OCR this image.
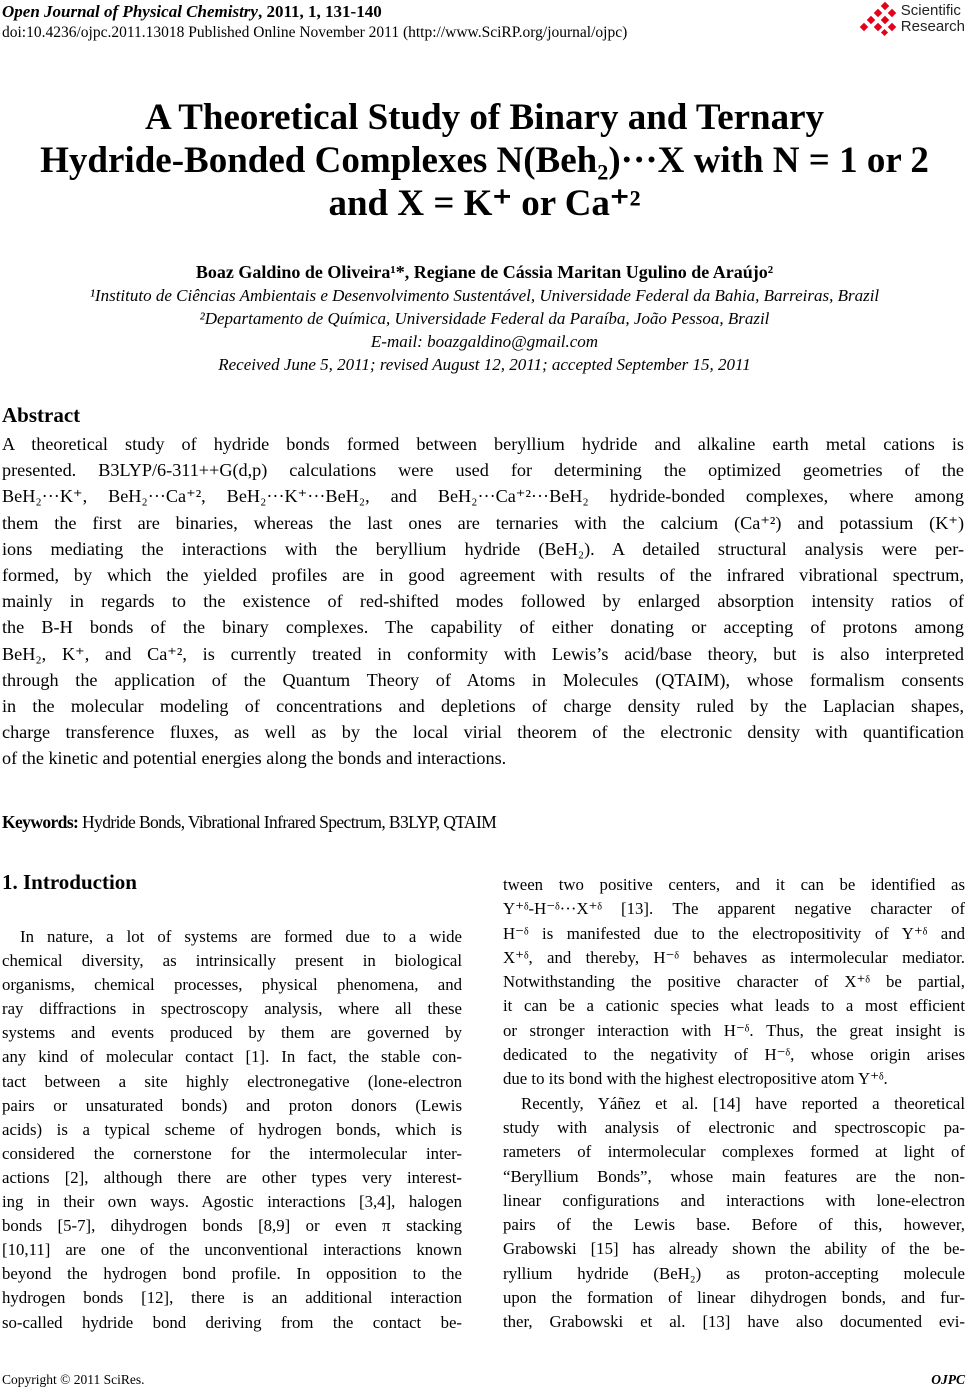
Open Journal of Physical Chemistry, 2011, 1, 131-140
doi:10.4236/ojpc.2011.13018 Published Online November 2011 (http://www.SciRP.org/journal/ojpc)
Scientific
Research
A Theoretical Study of Binary and Ternary
Hydride-Bonded Complexes N(Beh₂)···X with N = 1 or 2
and X = K⁺ or Ca⁺²
Boaz Galdino de Oliveira¹*, Regiane de Cássia Maritan Ugulino de Araújo²
¹Instituto de Ciências Ambientais e Desenvolvimento Sustentável, Universidade Federal da Bahia, Barreiras, Brazil
²Departamento de Química, Universidade Federal da Paraíba, João Pessoa, Brazil
E-mail: boazgaldino@gmail.com
Received June 5, 2011; revised August 12, 2011; accepted September 15, 2011
Abstract
A theoretical study of hydride bonds formed between beryllium hydride and alkaline earth metal cations is
presented. B3LYP/6-311++G(d,p) calculations were used for determining the optimized geometries of the
BeH₂···K⁺, BeH₂···Ca⁺², BeH₂···K⁺···BeH₂, and BeH₂···Ca⁺²···BeH₂ hydride-bonded complexes, where among
them the first are binaries, whereas the last ones are ternaries with the calcium (Ca⁺²) and potassium (K⁺)
ions mediating the interactions with the beryllium hydride (BeH₂). A detailed structural analysis were per-
formed, by which the yielded profiles are in good agreement with results of the infrared vibrational spectrum,
mainly in regards to the existence of red-shifted modes followed by enlarged absorption intensity ratios of
the B-H bonds of the binary complexes. The capability of either donating or accepting of protons among
BeH₂, K⁺, and Ca⁺², is currently treated in conformity with Lewis’s acid/base theory, but is also interpreted
through the application of the Quantum Theory of Atoms in Molecules (QTAIM), whose formalism consents
in the molecular modeling of concentrations and depletions of charge density ruled by the Laplacian shapes,
charge transference fluxes, as well as by the local virial theorem of the electronic density with quantification
of the kinetic and potential energies along the bonds and interactions.
Keywords: Hydride Bonds, Vibrational Infrared Spectrum, B3LYP, QTAIM
1. Introduction
In nature, a lot of systems are formed due to a wide
chemical diversity, as intrinsically present in biological
organisms, chemical processes, physical phenomena, and
ray diffractions in spectroscopy analysis, where all these
systems and events produced by them are governed by
any kind of molecular contact [1]. In fact, the stable con-
tact between a site highly electronegative (lone-electron
pairs or unsaturated bonds) and proton donors (Lewis
acids) is a typical scheme of hydrogen bonds, which is
considered the cornerstone for the intermolecular inter-
actions [2], although there are other types very interest-
ing in their own ways. Agostic interactions [3,4], halogen
bonds [5-7], dihydrogen bonds [8,9] or even π stacking
[10,11] are one of the unconventional interactions known
beyond the hydrogen bond profile. In opposition to the
hydrogen bonds [12], there is an additional interaction
so-called hydride bond deriving from the contact be-
tween two positive centers, and it can be identified as
Y⁺ᵟ-H⁻ᵟ···X⁺ᵟ [13]. The apparent negative character of
H⁻ᵟ is manifested due to the electropositivity of Y⁺ᵟ and
X⁺ᵟ, and thereby, H⁻ᵟ behaves as intermolecular mediator.
Notwithstanding the positive character of X⁺ᵟ be partial,
it can be a cationic species what leads to a most efficient
or stronger interaction with H⁻ᵟ. Thus, the great insight is
dedicated to the negativity of H⁻ᵟ, whose origin arises
due to its bond with the highest electropositive atom Y⁺ᵟ.
Recently, Yáñez et al. [14] have reported a theoretical
study with analysis of electronic and spectroscopic pa-
rameters of intermolecular complexes formed at light of
“Beryllium Bonds”, whose main features are the non-
linear configurations and interactions with lone-electron
pairs of the Lewis base. Before of this, however,
Grabowski [15] has already shown the ability of the be-
ryllium hydride (BeH₂) as proton-accepting molecule
upon the formation of linear dihydrogen bonds, and fur-
ther, Grabowski et al. [13] have also documented evi-
Copyright © 2011 SciRes.	OJPC
